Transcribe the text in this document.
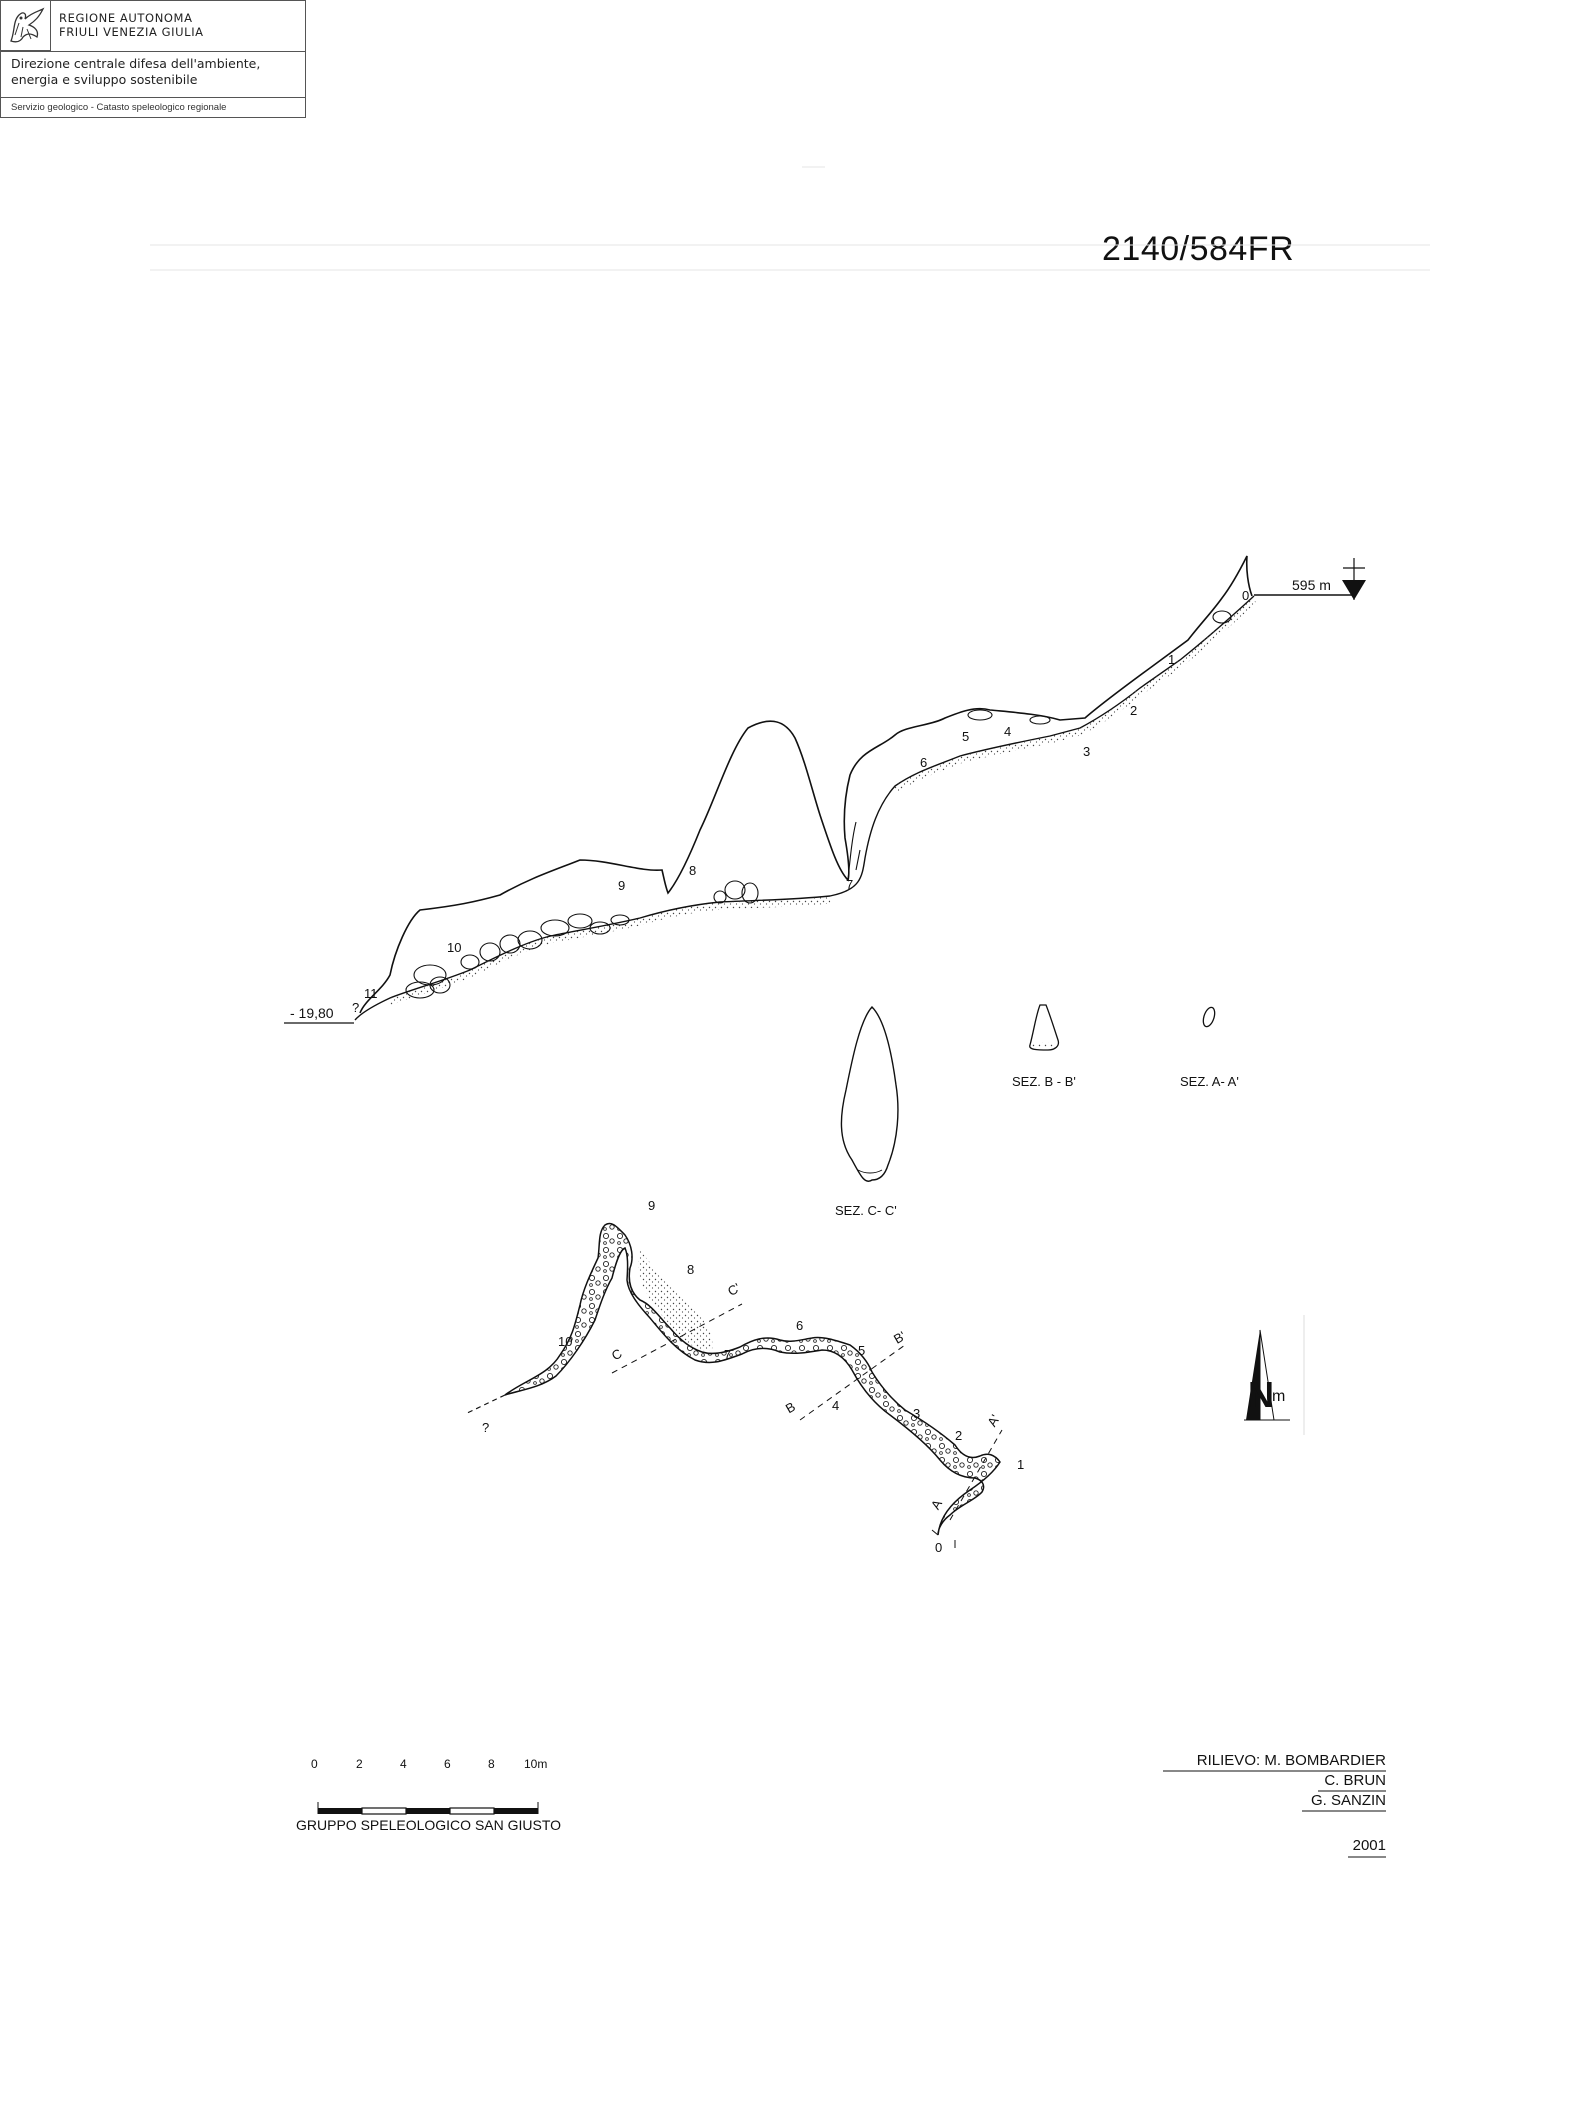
REGIONE AUTONOMA
FRIULI VENEZIA GIULIA
Direzione centrale difesa dell'ambiente,
energia e sviluppo sostenibile
Servizio geologico - Catasto speleologico regionale
2140/584FR
595 m
- 19,80 ?
0
1
2
3
4
5
6
7
8
9
10
11
SEZ. C- C'
SEZ. B - B'	SEZ. A- A'
0
1
2
3
4
5
6
7
8
9
10
?
C
C'
B
B'
A
A'
N
m
0	2	4	6	8 10m
GRUPPO SPELEOLOGICO SAN GIUSTO
RILIEVO: M. BOMBARDIER
C. BRUN
G. SANZIN
2001
